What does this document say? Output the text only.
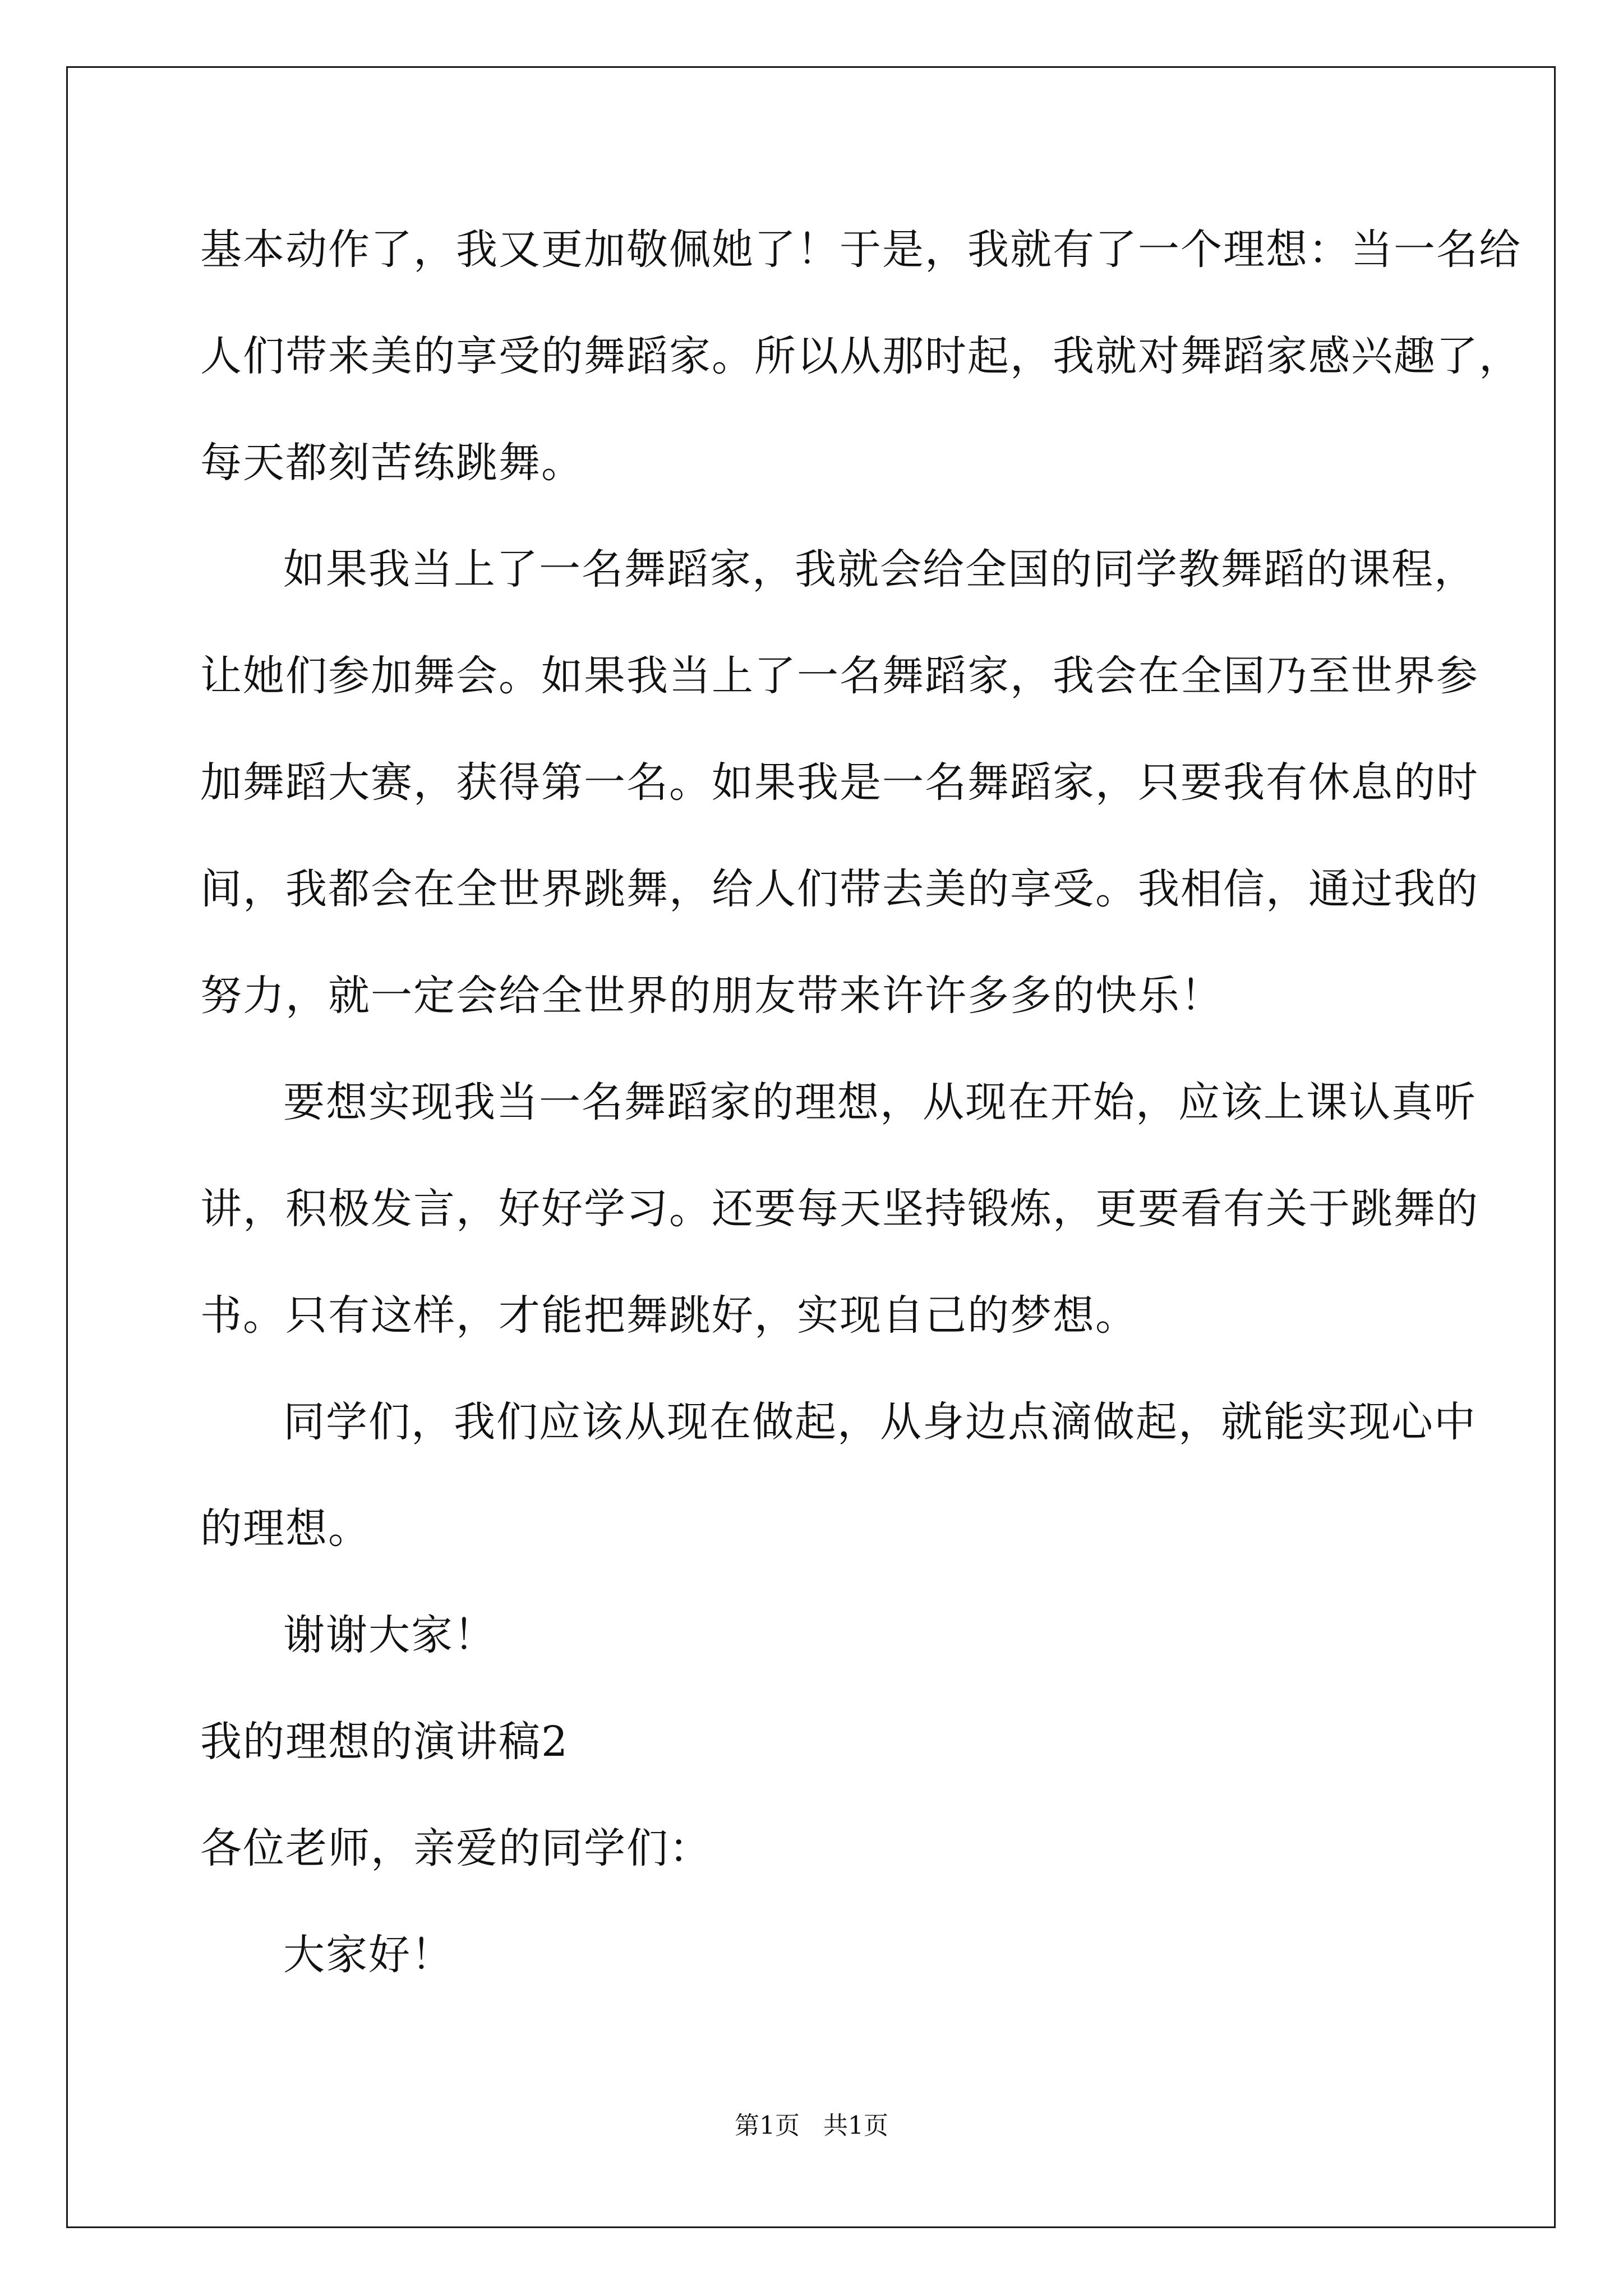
基本动作了，我又更加敬佩她了！于是，我就有了一个理想：当一名给
人们带来美的享受的舞蹈家。所以从那时起，我就对舞蹈家感兴趣了，
每天都刻苦练跳舞。
如果我当上了一名舞蹈家，我就会给全国的同学教舞蹈的课程，
让她们参加舞会。如果我当上了一名舞蹈家，我会在全国乃至世界参
加舞蹈大赛，获得第一名。如果我是一名舞蹈家，只要我有休息的时
间，我都会在全世界跳舞，给人们带去美的享受。我相信，通过我的
努力，就一定会给全世界的朋友带来许许多多的快乐！
要想实现我当一名舞蹈家的理想，从现在开始，应该上课认真听
讲，积极发言，好好学习。还要每天坚持锻炼，更要看有关于跳舞的
书。只有这样，才能把舞跳好，实现自己的梦想。
同学们，我们应该从现在做起，从身边点滴做起，就能实现心中
的理想。
谢谢大家！
我的理想的演讲稿2
各位老师，亲爱的同学们：
大家好！
第1页 共1页
